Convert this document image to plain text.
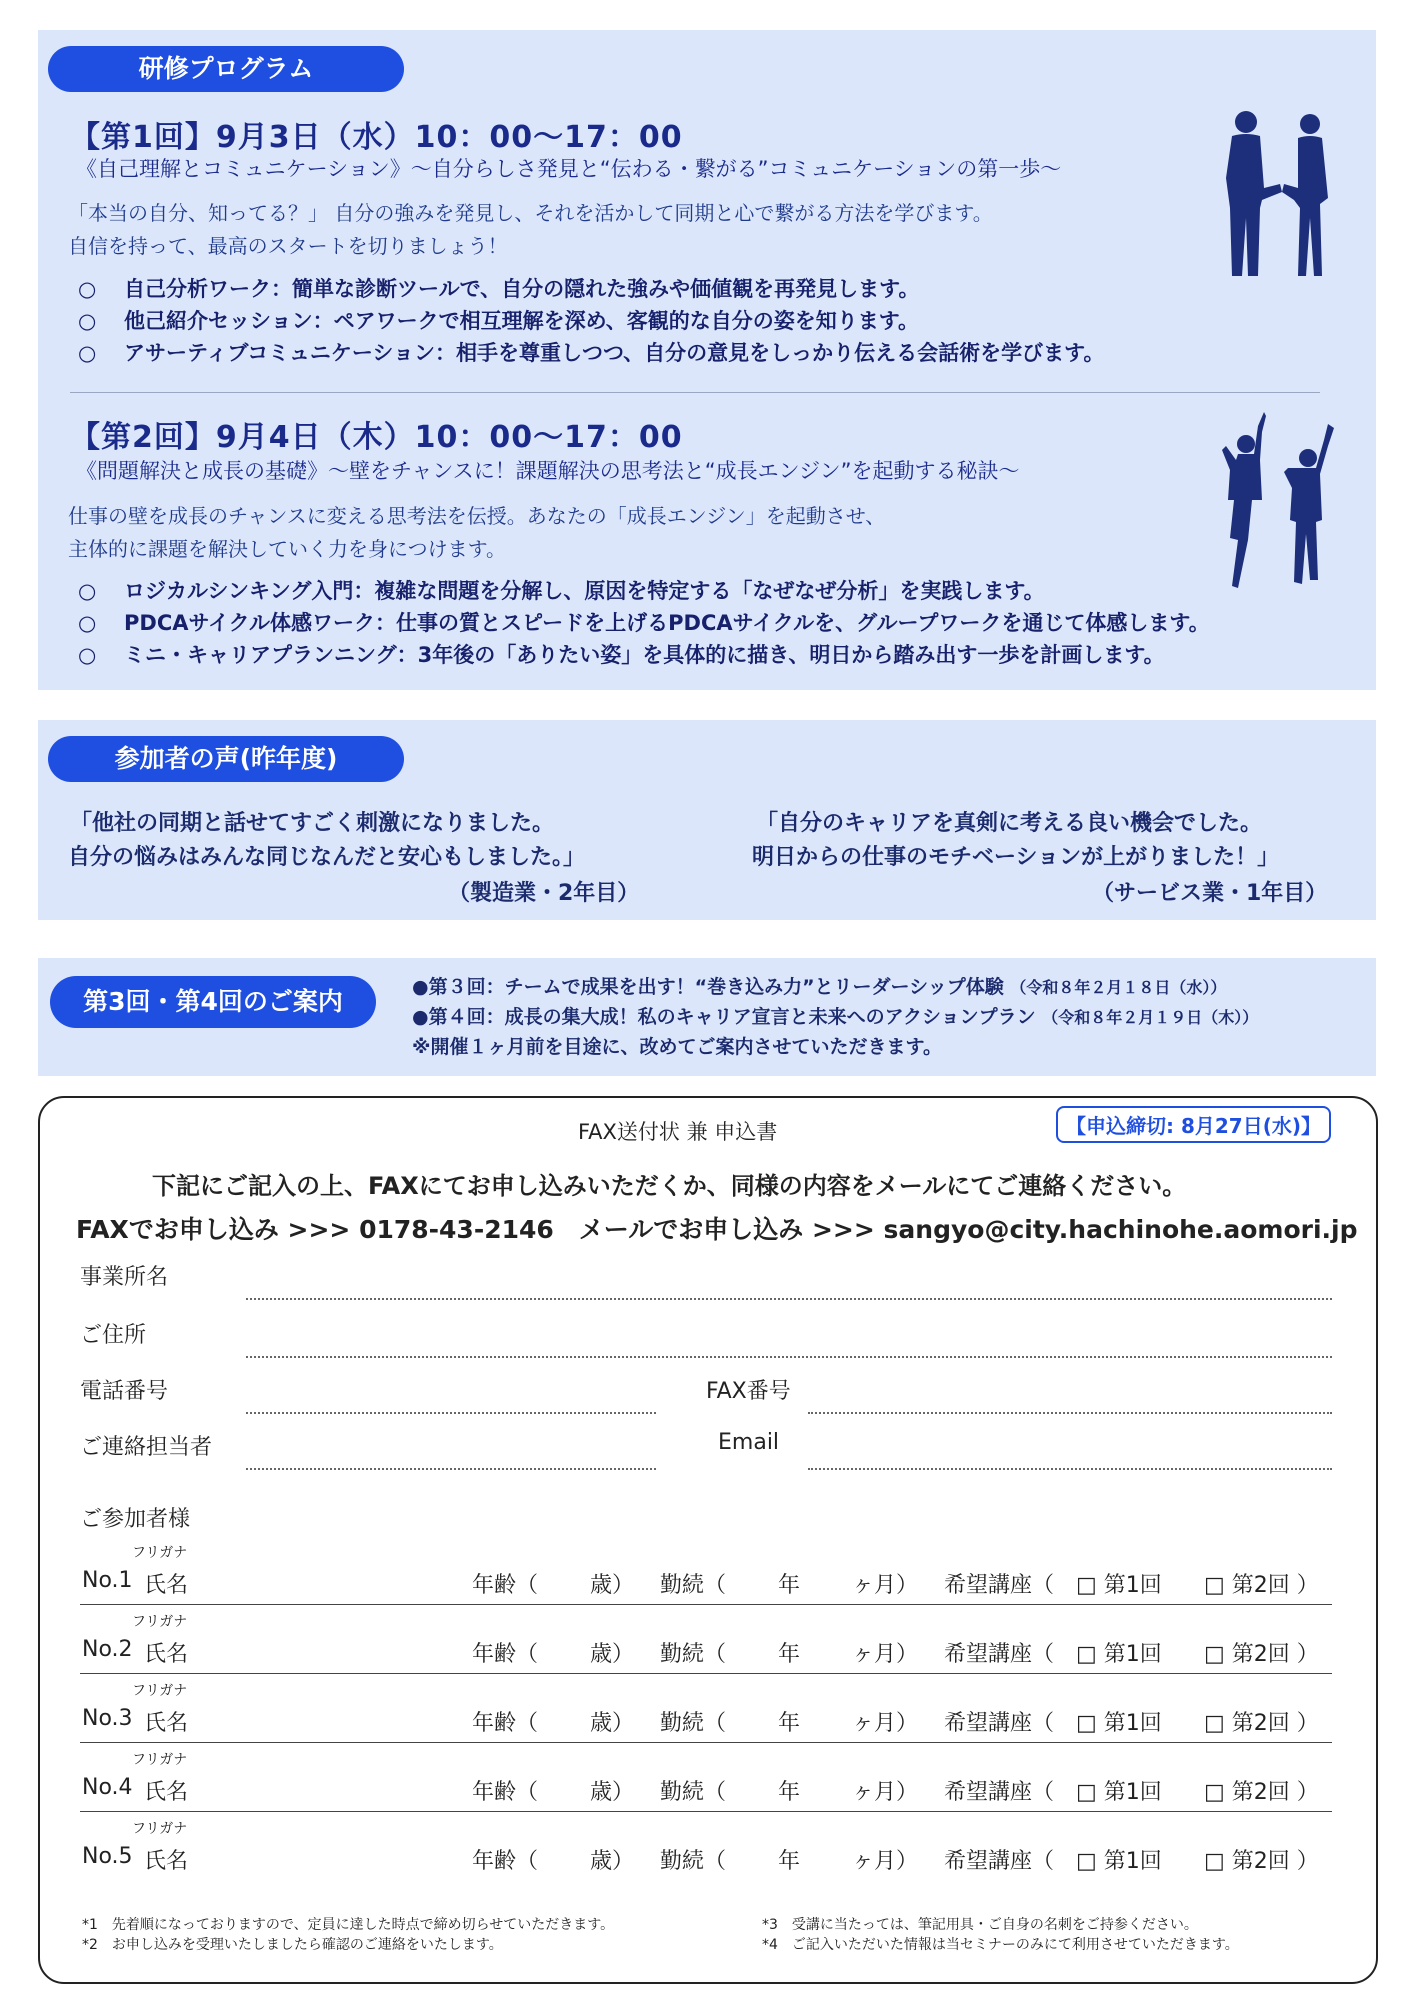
研修プログラム
【第1回】9月3日（水）10：00～17：00
《自己理解とコミュニケーション》～自分らしさ発見と“伝わる・繋がる”コミュニケーションの第一歩～
「本当の自分、知ってる？」 自分の強みを発見し、それを活かして同期と心で繋がる方法を学びます。
自信を持って、最高のスタートを切りましょう！
○ 自己分析ワーク：簡単な診断ツールで、自分の隠れた強みや価値観を再発見します。
○ 他己紹介セッション：ペアワークで相互理解を深め、客観的な自分の姿を知ります。
○ アサーティブコミュニケーション：相手を尊重しつつ、自分の意見をしっかり伝える会話術を学びます。
【第2回】9月4日（木）10：00～17：00
《問題解決と成長の基礎》～壁をチャンスに！課題解決の思考法と“成長エンジン”を起動する秘訣～
仕事の壁を成長のチャンスに変える思考法を伝授。あなたの「成長エンジン」を起動させ、
主体的に課題を解決していく力を身につけます。
○ ロジカルシンキング入門：複雑な問題を分解し、原因を特定する「なぜなぜ分析」を実践します。
○ PDCAサイクル体感ワーク：仕事の質とスピードを上げるPDCAサイクルを、グループワークを通じて体感します。
○ ミニ・キャリアプランニング：3年後の「ありたい姿」を具体的に描き、明日から踏み出す一歩を計画します。
参加者の声(昨年度)
「他社の同期と話せてすごく刺激になりました。
自分の悩みはみんな同じなんだと安心もしました。」
（製造業・2年目）
「自分のキャリアを真剣に考える良い機会でした。
明日からの仕事のモチベーションが上がりました！」
（サービス業・1年目）
第3回・第4回のご案内	●第３回：チームで成果を出す！“巻き込み力”とリーダーシップ体験 （令和８年２月１８日（水））
●第４回：成長の集大成！私のキャリア宣言と未来へのアクションプラン （令和８年２月１９日（木））
※開催１ヶ月前を目途に、改めてご案内させていただきます。
FAX送付状 兼 申込書	【申込締切: 8月27日(水)】
下記にご記入の上、FAXにてお申し込みいただくか、同様の内容をメールにてご連絡ください。
FAXでお申し込み >>> 0178-43-2146　メールでお申し込み >>> sangyo@city.hachinohe.aomori.jp
事業所名
ご住所
電話番号	FAX番号
ご連絡担当者	Email
ご参加者様
フリガナ
No.1 氏名	年齢（ 歳） 勤続（ 年 ヶ月） 希望講座（ □ 第1回 □ 第2回 ）
フリガナ
No.2 氏名	年齢（ 歳） 勤続（ 年 ヶ月） 希望講座（ □ 第1回 □ 第2回 ）
フリガナ
No.3 氏名	年齢（ 歳） 勤続（ 年 ヶ月） 希望講座（ □ 第1回 □ 第2回 ）
フリガナ
No.4 氏名	年齢（ 歳） 勤続（ 年 ヶ月） 希望講座（ □ 第1回 □ 第2回 ）
フリガナ
No.5 氏名	年齢（ 歳） 勤続（ 年 ヶ月） 希望講座（ □ 第1回 □ 第2回 ）
*1　先着順になっておりますので、定員に達した時点で締め切らせていただきます。
*2　お申し込みを受理いたしましたら確認のご連絡をいたします。
*3　受講に当たっては、筆記用具・ご自身の名刺をご持参ください。
*4　ご記入いただいた情報は当セミナーのみにて利用させていただきます。
